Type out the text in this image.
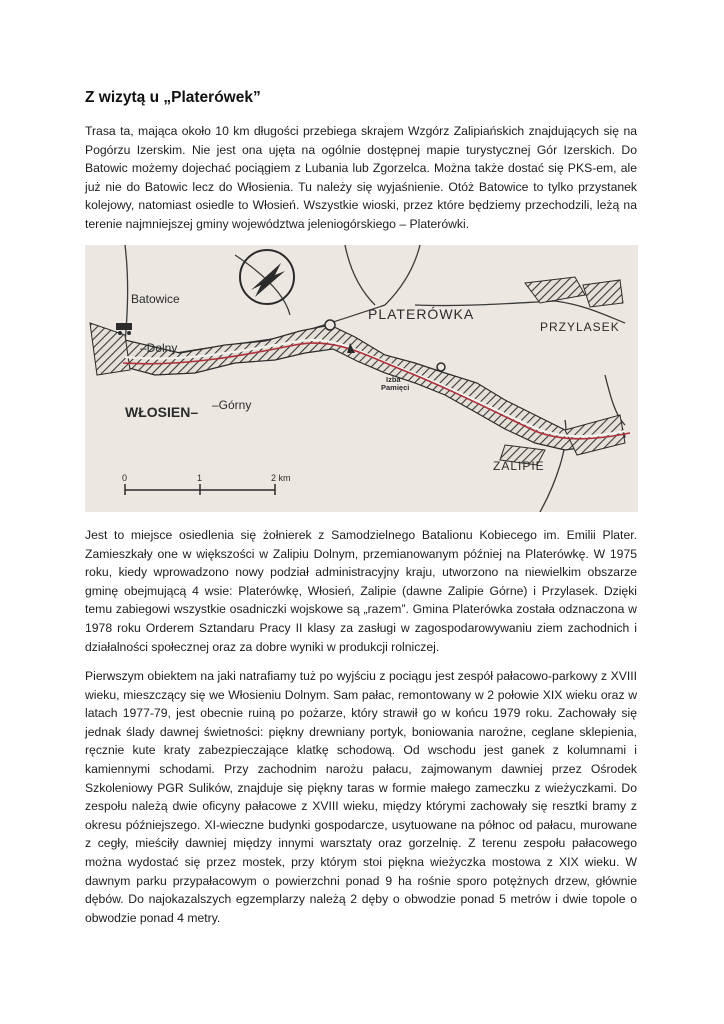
Z wizytą u „Platerówek”

Trasa ta, mająca około 10 km długości przebiega skrajem Wzgórz Zalipiańskich znajdujących się na Pogórzu Izerskim. Nie jest ona ujęta na ogólnie dostępnej mapie turystycznej Gór Izerskich. Do Batowic możemy dojechać pociągiem z Lubania lub Zgorzelca. Można także dostać się PKS-em, ale już nie do Batowic lecz do Włosienia. Tu należy się wyjaśnienie. Otóż Batowice to tylko przystanek kolejowy, natomiast osiedle to Włosień. Wszystkie wioski, przez które będziemy przechodzili, leżą na terenie najmniejszej gminy województwa jeleniogórskiego – Platerówki.

Batowice
–Dolny
WŁOSIEN– –Górny
PLATERÓWKA
PRZYLASEK
Izba
Pamięci
ZALIPIE
0	1	2 km

Jest to miejsce osiedlenia się żołnierek z Samodzielnego Batalionu Kobiecego im. Emilii Plater. Zamieszkały one w większości w Zalipiu Dolnym, przemianowanym później na Platerówkę. W 1975 roku, kiedy wprowadzono nowy podział administracyjny kraju, utworzono na niewielkim obszarze gminę obejmującą 4 wsie: Platerówkę, Włosień, Zalipie (dawne Zalipie Górne) i Przylasek. Dzięki temu zabiegowi wszystkie osadniczki wojskowe są „razem”. Gmina Platerówka została odznaczona w 1978 roku Orderem Sztandaru Pracy II klasy za zasługi w zagospodarowywaniu ziem zachodnich i działalności społecznej oraz za dobre wyniki w produkcji rolniczej.

Pierwszym obiektem na jaki natrafiamy tuż po wyjściu z pociągu jest zespół pałacowo-parkowy z XVIII wieku, mieszczący się we Włosieniu Dolnym. Sam pałac, remontowany w 2 połowie XIX wieku oraz w latach 1977-79, jest obecnie ruiną po pożarze, który strawił go w końcu 1979 roku. Zachowały się jednak ślady dawnej świetności: piękny drewniany portyk, boniowania narożne, ceglane sklepienia, ręcznie kute kraty zabezpieczające klatkę schodową. Od wschodu jest ganek z kolumnami i kamiennymi schodami. Przy zachodnim narożu pałacu, zajmowanym dawniej przez Ośrodek Szkoleniowy PGR Sulików, znajduje się piękny taras w formie małego zameczku z wieżyczkami. Do zespołu należą dwie oficyny pałacowe z XVIII wieku, między którymi zachowały się resztki bramy z okresu późniejszego. XI-wieczne budynki gospodarcze, usytuowane na północ od pałacu, murowane z cegły, mieściły dawniej między innymi warsztaty oraz gorzelnię. Z terenu zespołu pałacowego można wydostać się przez mostek, przy którym stoi piękna wieżyczka mostowa z XIX wieku. W dawnym parku przypałacowym o powierzchni ponad 9 ha rośnie sporo potężnych drzew, głównie dębów. Do najokazalszych egzemplarzy należą 2 dęby o obwodzie ponad 5 metrów i dwie topole o obwodzie ponad 4 metry.
